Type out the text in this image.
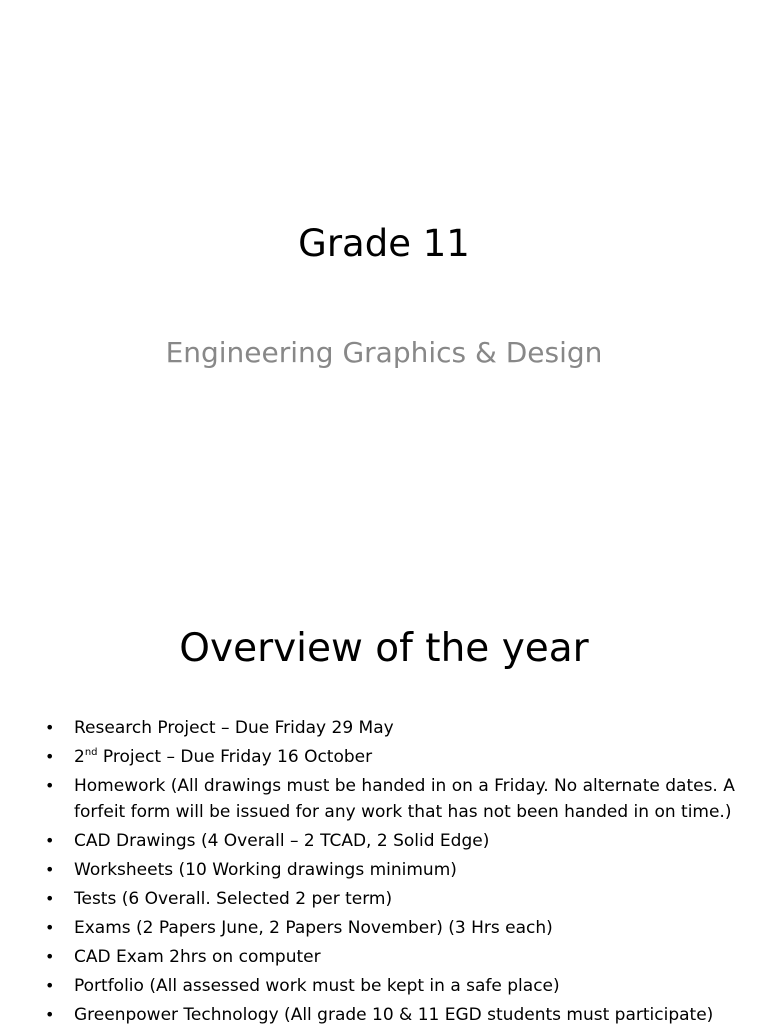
Grade 11
Engineering Graphics & Design
Overview of the year
• Research Project – Due Friday 29 May
• 2nd Project – Due Friday 16 October
• Homework (All drawings must be handed in on a Friday. No alternate dates. A forfeit form will be issued for any work that has not been handed in on time.)
• CAD Drawings (4 Overall – 2 TCAD, 2 Solid Edge)
• Worksheets (10 Working drawings minimum)
• Tests (6 Overall. Selected 2 per term)
• Exams (2 Papers June, 2 Papers November) (3 Hrs each)
• CAD Exam 2hrs on computer
• Portfolio (All assessed work must be kept in a safe place)
• Greenpower Technology (All grade 10 & 11 EGD students must participate)
